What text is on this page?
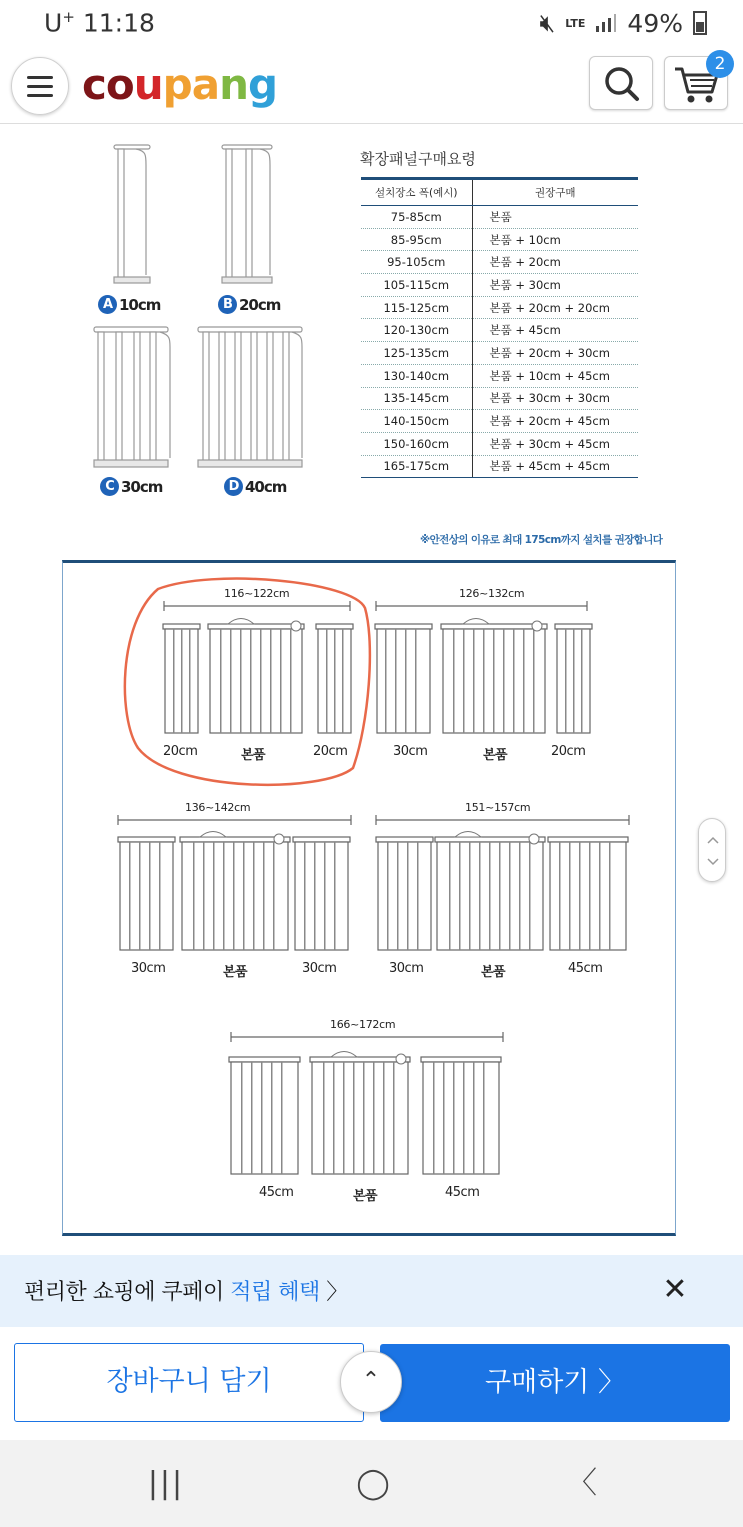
U+ 11:18	🔇︎ LTE 49%
coupang	2
A 10cm	B 20cm
C 30cm	D 40cm
확장패널구매요령
설치장소 폭(예시)	권장구매
75-85cm	본품
85-95cm	본품 + 10cm
95-105cm	본품 + 20cm
105-115cm	본품 + 30cm
115-125cm	본품 + 20cm + 20cm
120-130cm	본품 + 45cm
125-135cm	본품 + 20cm + 30cm
130-140cm	본품 + 10cm + 45cm
135-145cm	본품 + 30cm + 30cm
140-150cm	본품 + 20cm + 45cm
150-160cm	본품 + 30cm + 45cm
165-175cm	본품 + 45cm + 45cm
※안전상의 이유로 최대 175cm까지 설치를 권장합니다
116~122cm	126~132cm
136~142cm	151~157cm
166~172cm
20cm	본품	20cm	30cm	본품	20cm
30cm	본품	30cm	30cm	본품	45cm
45cm	본품	45cm
편리한 쇼핑에 쿠페이 적립 혜택 〉	✕
장바구니 담기	구매하기 〉
⌃
|||	◯	〈
